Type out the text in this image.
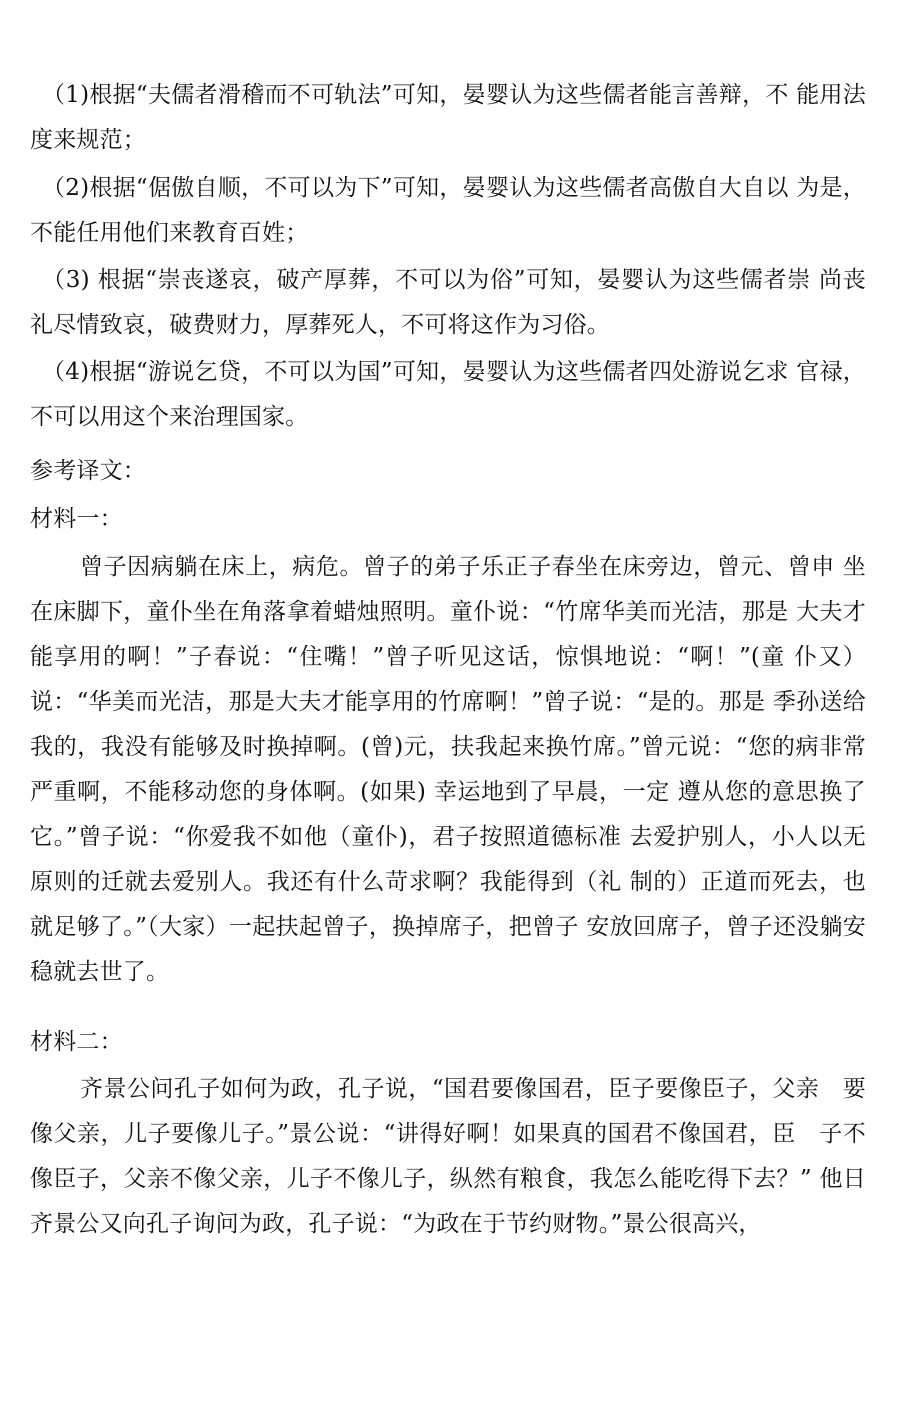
（1)根据“夫儒者滑稽而不可轨法”可知，晏婴认为这些儒者能言善辩，不 能用法度来规范；

（2)根据“倨傲自顺，不可以为下”可知，晏婴认为这些儒者高傲自大自以 为是，不能任用他们来教育百姓；

（3) 根据“崇丧遂哀，破产厚葬，不可以为俗”可知，晏婴认为这些儒者崇 尚丧礼尽情致哀，破费财力，厚葬死人，不可将这作为习俗。

（4)根据“游说乞贷，不可以为国”可知，晏婴认为这些儒者四处游说乞求 官禄，不可以用这个来治理国家。

参考译文：

材料一：

曾子因病躺在床上，病危。曾子的弟子乐正子春坐在床旁边，曾元、曾申 坐在床脚下，童仆坐在角落拿着蜡烛照明。童仆说：“竹席华美而光洁，那是 大夫才能享用的啊！”子春说：“住嘴！”曾子听见这话，惊惧地说：“啊！”(童 仆又）说：“华美而光洁，那是大夫才能享用的竹席啊！”曾子说：“是的。那是 季孙送给我的，我没有能够及时换掉啊。(曾)元，扶我起来换竹席。”曾元说：“您的病非常严重啊，不能移动您的身体啊。(如果) 幸运地到了早晨，一定 遵从您的意思换了它。”曾子说：“你爱我不如他（童仆)，君子按照道德标准 去爱护别人，小人以无原则的迁就去爱别人。我还有什么苛求啊？我能得到（礼 制的）正道而死去，也就足够了。”（大家）一起扶起曾子，换掉席子，把曾子 安放回席子，曾子还没躺安稳就去世了。

材料二：

齐景公问孔子如何为政，孔子说，“国君要像国君，臣子要像臣子，父亲　要像父亲，儿子要像儿子。”景公说：“讲得好啊！如果真的国君不像国君，臣　子不像臣子，父亲不像父亲，儿子不像儿子，纵然有粮食，我怎么能吃得下去？” 他日齐景公又向孔子询问为政，孔子说：“为政在于节约财物。”景公很高兴，
